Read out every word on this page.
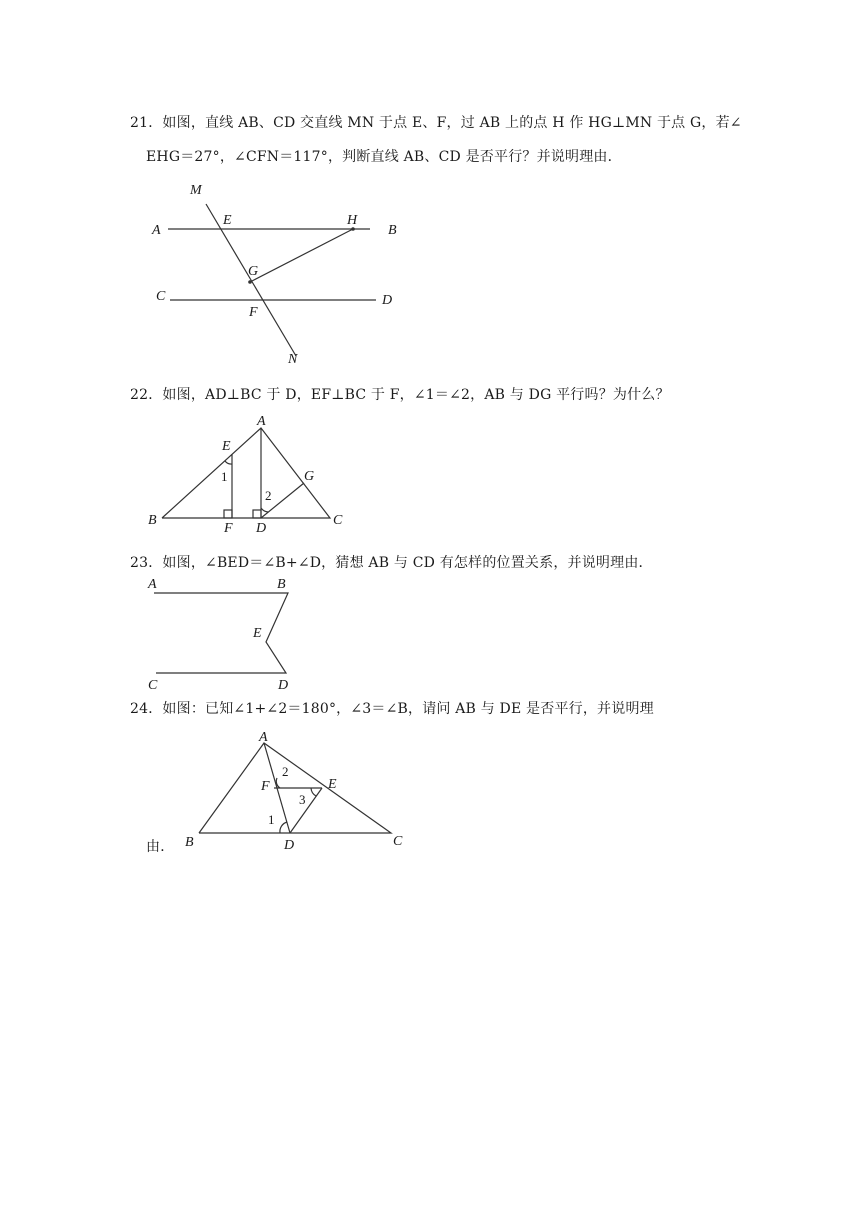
21．如图，直线 AB、CD 交直线 MN 于点 E、F，过 AB 上的点 H 作 HG⊥MN 于点 G，若∠
EHG＝27°，∠CFN＝117°，判断直线 AB、CD 是否平行？并说明理由．
M
A
E	H
B
G
C	D
F
N
22．如图，AD⊥BC 于 D，EF⊥BC 于 F，∠1＝∠2，AB 与 DG 平行吗？为什么？
A
E
G
1
2
B
F D
C
23．如图，∠BED＝∠B+∠D，猜想 AB 与 CD 有怎样的位置关系，并说明理由．
A	B
E
C	D
24．如图：已知∠1+∠2＝180°，∠3＝∠B，请问 AB 与 DE 是否平行，并说明理
由．
A
2
F	E
3
1
B	D	C
